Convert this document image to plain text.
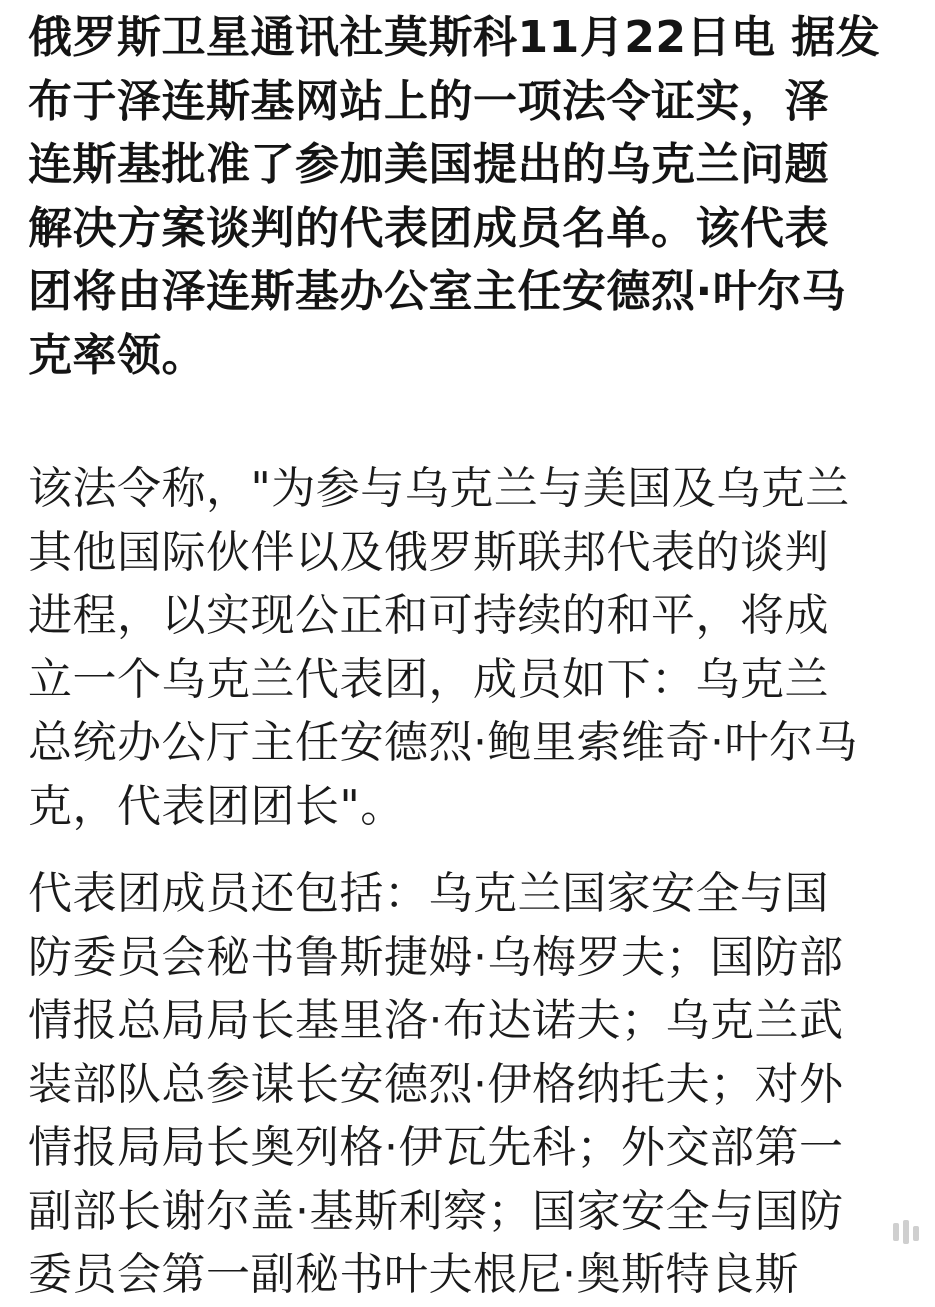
俄罗斯卫星通讯社莫斯科11月22日电 据发
布于泽连斯基网站上的一项法令证实，泽
连斯基批准了参加美国提出的乌克兰问题
解决方案谈判的代表团成员名单。该代表
团将由泽连斯基办公室主任安德烈·叶尔马
克率领。

该法令称，"为参与乌克兰与美国及乌克兰
其他国际伙伴以及俄罗斯联邦代表的谈判
进程，以实现公正和可持续的和平，将成
立一个乌克兰代表团，成员如下：乌克兰
总统办公厅主任安德烈·鲍里索维奇·叶尔马
克，代表团团长"。

代表团成员还包括：乌克兰国家安全与国
防委员会秘书鲁斯捷姆·乌梅罗夫；国防部
情报总局局长基里洛·布达诺夫；乌克兰武
装部队总参谋长安德烈·伊格纳托夫；对外
情报局局长奥列格·伊瓦先科；外交部第一
副部长谢尔盖·基斯利察；国家安全与国防
委员会第一副秘书叶夫根尼·奥斯特良斯
